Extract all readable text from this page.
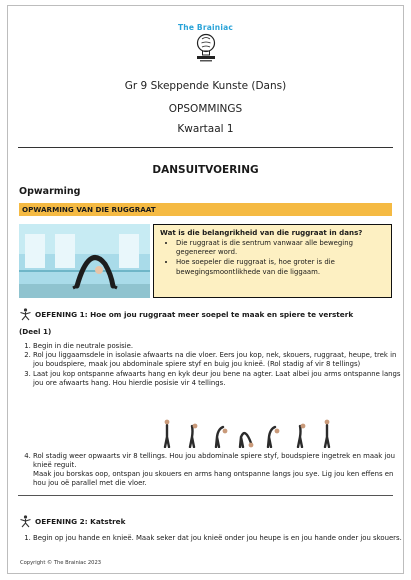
The Brainiac
Gr 9 Skeppende Kunste (Dans)
OPSOMMINGS
Kwartaal 1
DANSUITVOERING
Opwarming
OPWARMING VAN DIE RUGGRAAT
Wat is die belangrikheid van die ruggraat in dans?
• Die ruggraat is die sentrum vanwaar alle beweging gegenereer word.
• Hoe soepeler die ruggraat is, hoe groter is die bewegingsmoontlikhede van die liggaam.
OEFENING 1:
Hoe om jou ruggraat meer soepel te maak en spiere te versterk
(Deel 1)
1. Begin in die neutrale posisie.
2. Rol jou liggaamsdele in isolasie afwaarts na die vloer. Eers jou kop, nek, skouers, ruggraat, heupe, trek in jou boudspiere, maak jou abdominale spiere styf en buig jou knieë. (Rol stadig af vir 8 tellings)
3. Laat jou kop ontspanne afwaarts hang en kyk deur jou bene na agter. Laat albei jou arms ontspanne langs jou ore afwaarts hang. Hou hierdie posisie vir 4 tellings.
4. Rol stadig weer opwaarts vir 8 tellings. Hou jou abdominale spiere styf, boudspiere ingetrek en maak jou knieë reguit.
Maak jou borskas oop, ontspan jou skouers en arms hang ontspanne langs jou sye. Lig jou ken effens en hou jou oë parallel met die vloer.
OEFENING 2:
Katstrek
1. Begin op jou hande en knieë. Maak seker dat jou knieë onder jou heupe is en jou hande onder jou skouers.
Copyright © The Brainiac 2023
